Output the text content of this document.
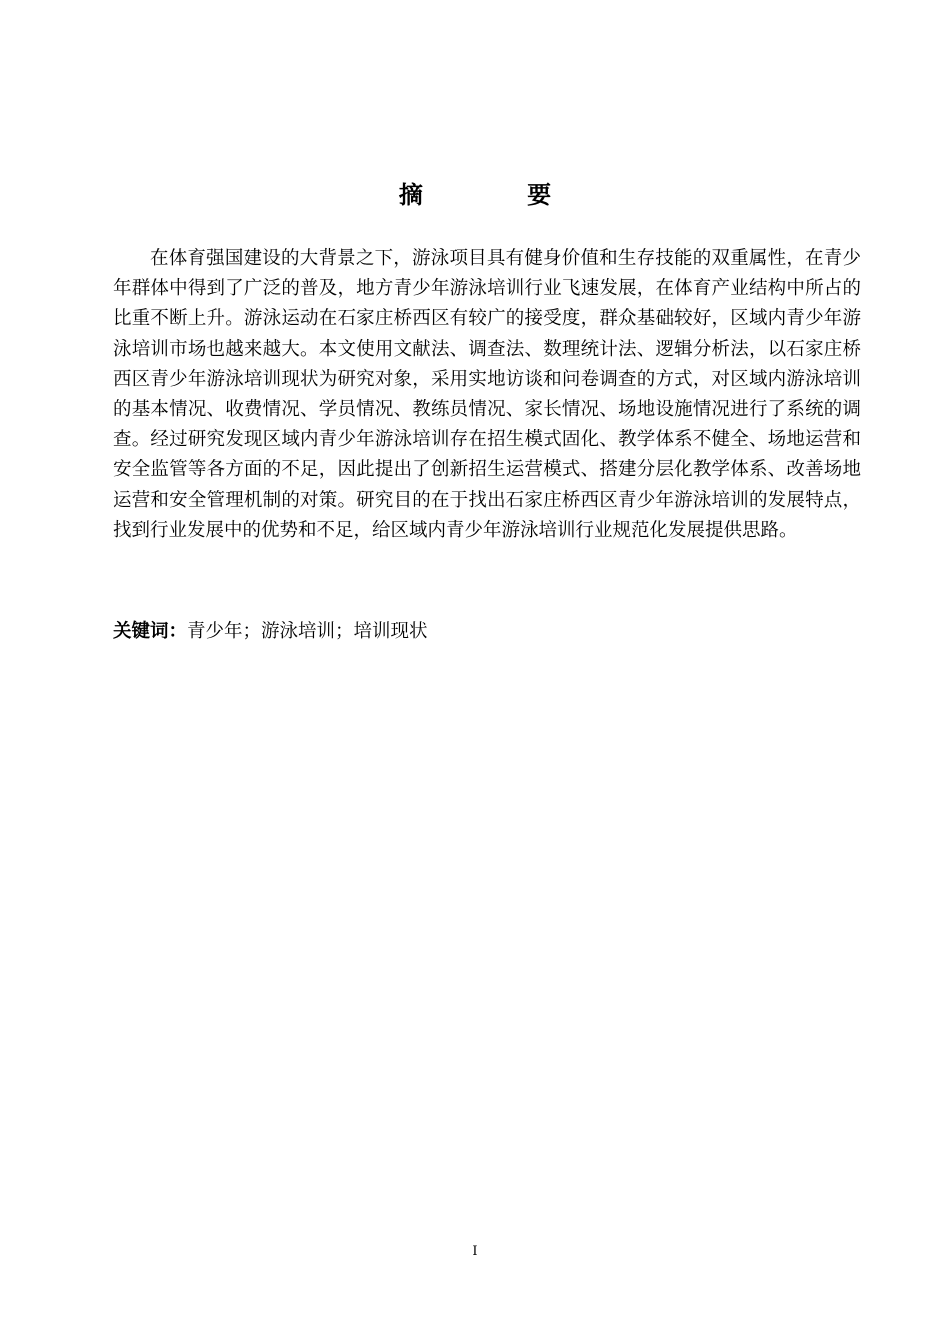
摘 要

在体育强国建设的大背景之下，游泳项目具有健身价值和生存技能的双重属性，在青少年群体中得到了广泛的普及，地方青少年游泳培训行业飞速发展，在体育产业结构中所占的比重不断上升。游泳运动在石家庄桥西区有较广的接受度，群众基础较好，区域内青少年游泳培训市场也越来越大。本文使用文献法、调查法、数理统计法、逻辑分析法，以石家庄桥西区青少年游泳培训现状为研究对象，采用实地访谈和问卷调查的方式，对区域内游泳培训的基本情况、收费情况、学员情况、教练员情况、家长情况、场地设施情况进行了系统的调查。经过研究发现区域内青少年游泳培训存在招生模式固化、教学体系不健全、场地运营和安全监管等各方面的不足，因此提出了创新招生运营模式、搭建分层化教学体系、改善场地运营和安全管理机制的对策。研究目的在于找出石家庄桥西区青少年游泳培训的发展特点，找到行业发展中的优势和不足，给区域内青少年游泳培训行业规范化发展提供思路。

关键词：青少年；游泳培训；培训现状

I
